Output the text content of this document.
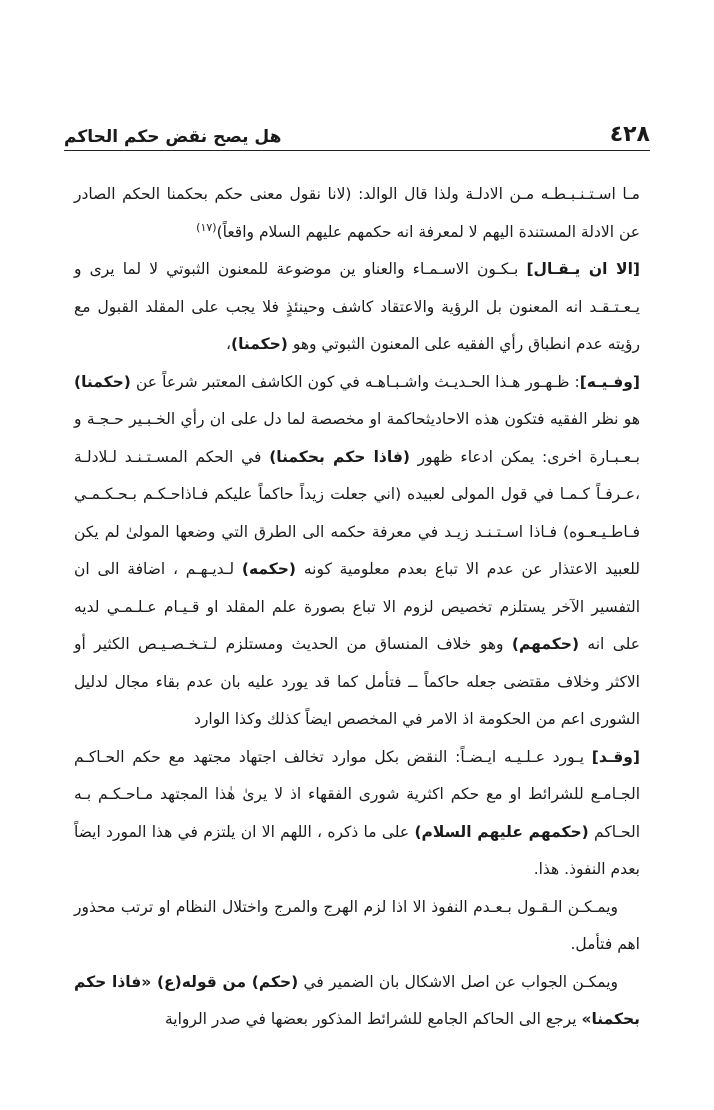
٤٢٨
هل يصح نقض حكم الحاكم

مـا اسـتـنـبـطـه مـن الادلـة ولذا قال الوالد: (لانا نقول معنى حكم بحكمنا الحكم الصادر عن الادلة المستندة اليهم لا لمعرفة انه حكمهم عليهم السلام واقعاً)$^{(١٧)}$

[الا ان يـقـال] بـكـون الاسـمـاء والعناو ين موضوعة للمعنون الثبوتي لا لما يرى و يـعـتـقـد انه المعنون بل الرؤية والاعتقاد كاشف وحينئذٍ فلا يجب على المقلد القبول مع رؤيته عدم انطباق رأي الفقيه على المعنون الثبوتي وهو (حكمنا)،

[وفـيـه]: ظـهـور هـذا الحـديـث واشـبـاهـه في كون الكاشف المعتبر شرعاً عن (حكمنا) هو نظر الفقيه فتكون هذه الاحاديثحاكمة او مخصصة لما دل على ان رأي الخـبـير حـجـة و بـعـبـارة اخرى: يمكن ادعاء ظهور (فاذا حكم بحكمنا) في الحكم المسـتـنـد لـلادلـة ،عـرفـاً كـمـا في قول المولى لعبيده (اني جعلت زيداً حاكماً عليكم فـاذاحـكـم بـحـكـمـي فـاطـيـعـوه) فـاذا اسـتـنـد زيـد في معرفة حكمه الى الطرق التي وضعها المولىٰ لم يكن للعبيد الاعتذار عن عدم الا تباع بعدم معلومية كونه (حكمه) لـديـهـم ، اضافة الى ان التفسير الآخر يستلزم تخصيص لزوم الا تباع بصورة علم المقلد او قـيـام عـلـمـي لديه على انه (حكمهم) وهو خلاف المنساق من الحديث ومستلزم لـتـخـصـيـص الكثير أو الاكثر وخلاف مقتضى جعله حاكماً ــ فتأمل كما قد يورد عليه بان عدم بقاء مجال لدليل الشورى اعم من الحكومة اذ الامر في المخصص ايضاً كذلك وكذا الوارد

[وقـد] يـورد عـلـيـه ايـضـاً: النقض بكل موارد تخالف اجتهاد مجتهد مع حكم الحـاكـم الجـامـع للشرائط او مع حكم اكثرية شورى الفقهاء اذ لا يرىٰ هٰذا المجتهد مـاحـكـم بـه الحـاكم (حكمهم عليهم السلام) على ما ذكره ، اللهم الا ان يلتزم في هذا المورد ايضاً بعدم النفوذ. هذا.

ويمـكـن الـقـول بـعـدم النفوذ الا اذا لزم الهرج والمرج واختلال النظام او ترتب محذور اهم فتأمل.

ويمكـن الجواب عن اصل الاشكال بان الضمير في (حكم) من قوله(ع) «فاذا حكم بحكمنا» يرجع الى الحاكم الجامع للشرائط المذكور بعضها في صدر الرواية
